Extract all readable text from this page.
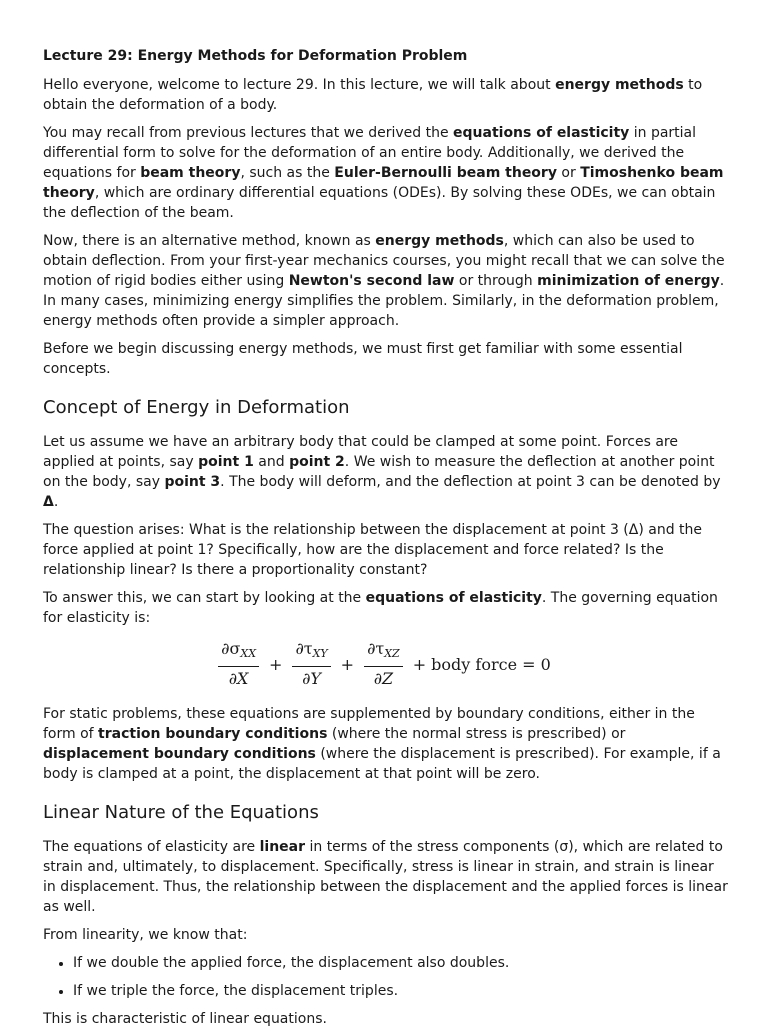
Lecture 29: Energy Methods for Deformation Problem

Hello everyone, welcome to lecture 29. In this lecture, we will talk about energy methods to obtain the deformation of a body.

You may recall from previous lectures that we derived the equations of elasticity in partial differential form to solve for the deformation of an entire body. Additionally, we derived the equations for beam theory, such as the Euler-Bernoulli beam theory or Timoshenko beam theory, which are ordinary differential equations (ODEs). By solving these ODEs, we can obtain the deflection of the beam.

Now, there is an alternative method, known as energy methods, which can also be used to obtain deflection. From your first-year mechanics courses, you might recall that we can solve the motion of rigid bodies either using Newton's second law or through minimization of energy. In many cases, minimizing energy simplifies the problem. Similarly, in the deformation problem, energy methods often provide a simpler approach.

Before we begin discussing energy methods, we must first get familiar with some essential concepts.

Concept of Energy in Deformation

Let us assume we have an arbitrary body that could be clamped at some point. Forces are applied at points, say point 1 and point 2. We wish to measure the deflection at another point on the body, say point 3. The body will deform, and the deflection at point 3 can be denoted by Δ.

The question arises: What is the relationship between the displacement at point 3 (Δ) and the force applied at point 1? Specifically, how are the displacement and force related? Is the relationship linear? Is there a proportionality constant?

To answer this, we can start by looking at the equations of elasticity. The governing equation for elasticity is:

$\frac{\partial\sigma_{XX}}{\partial X} + \frac{\partial\tau_{XY}}{\partial Y} + \frac{\partial\tau_{XZ}}{\partial Z}$ + body force = 0

For static problems, these equations are supplemented by boundary conditions, either in the form of traction boundary conditions (where the normal stress is prescribed) or displacement boundary conditions (where the displacement is prescribed). For example, if a body is clamped at a point, the displacement at that point will be zero.

Linear Nature of the Equations

The equations of elasticity are linear in terms of the stress components (σ), which are related to strain and, ultimately, to displacement. Specifically, stress is linear in strain, and strain is linear in displacement. Thus, the relationship between the displacement and the applied forces is linear as well.

From linearity, we know that:

• If we double the applied force, the displacement also doubles.
• If we triple the force, the displacement triples.

This is characteristic of linear equations.
